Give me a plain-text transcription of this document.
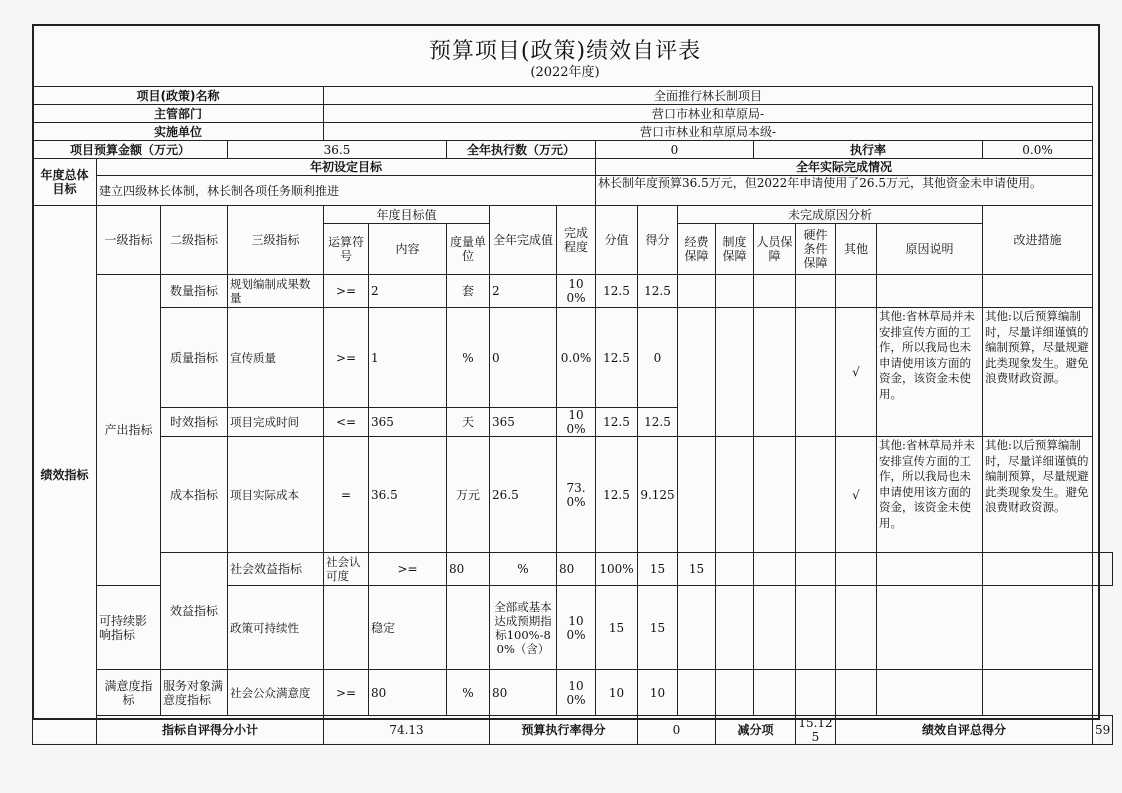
预算项目(政策)绩效自评表
(2022年度)
项目(政策)名称				全面推行林长制项目														
主管部门				营口市林业和草原局-														
实施单位				营口市林业和草原局本级-														
项目预算金额（万元）			36.5			全年执行数（万元）			0				执行率				0.0%	
年度总体目标	年初设定目标								全年实际完成情况									
	建立四级林长体制，林长制各项任务顺利推进								林长制年度预算36.5万元，但2022年申请使用了26.5万元，其他资金未申请使用。									
绩效指标	一级指标	二级指标	三级指标	年度目标值			全年完成值	完成程度	分值	得分	未完成原因分析						改进措施	
				运算符号	内容	度量单位					经费保障	制度保障	人员保障	硬件条件保障	其他	原因说明		
	产出指标	数量指标	规划编制成果数量	>=	2	套	2	100%	12.5	12.5								
		质量指标	宣传质量	>=	1	%	0	0.0%	12.5	0					√	其他:省林草局并未安排宣传方面的工作，所以我局也未申请使用该方面的资金，该资金未使用。	其他:以后预算编制时，尽量详细谨慎的编制预算，尽量规避此类现象发生。避免浪费财政资源。	

		时效指标	项目完成时间	<=	365	天	365	100%	12.5	12.5								
		成本指标	项目实际成本	=	36.5	万元	26.5	73.0%	12.5	9.125					√	其他:省林草局并未安排宣传方面的工作，所以我局也未申请使用该方面的资金，该资金未使用。	其他:以后预算编制时，尽量详细谨慎的编制预算，尽量规避此类现象发生。避免浪费财政资源。	
		效益指标	社会效益指标	社会认可度	>=	80	%	80	100%	15	15							
	可持续影响指标		政策可持续性		稳定		全部或基本达成预期指标100%-80%（含）	100%	15	15								
	满意度指标	服务对象满意度指标	社会公众满意度	>=	80	%	80	100%	10	10								
	指标自评得分小计			74.13			预算执行率得分			0		减分项		15.125	绩效自评总得分			59
